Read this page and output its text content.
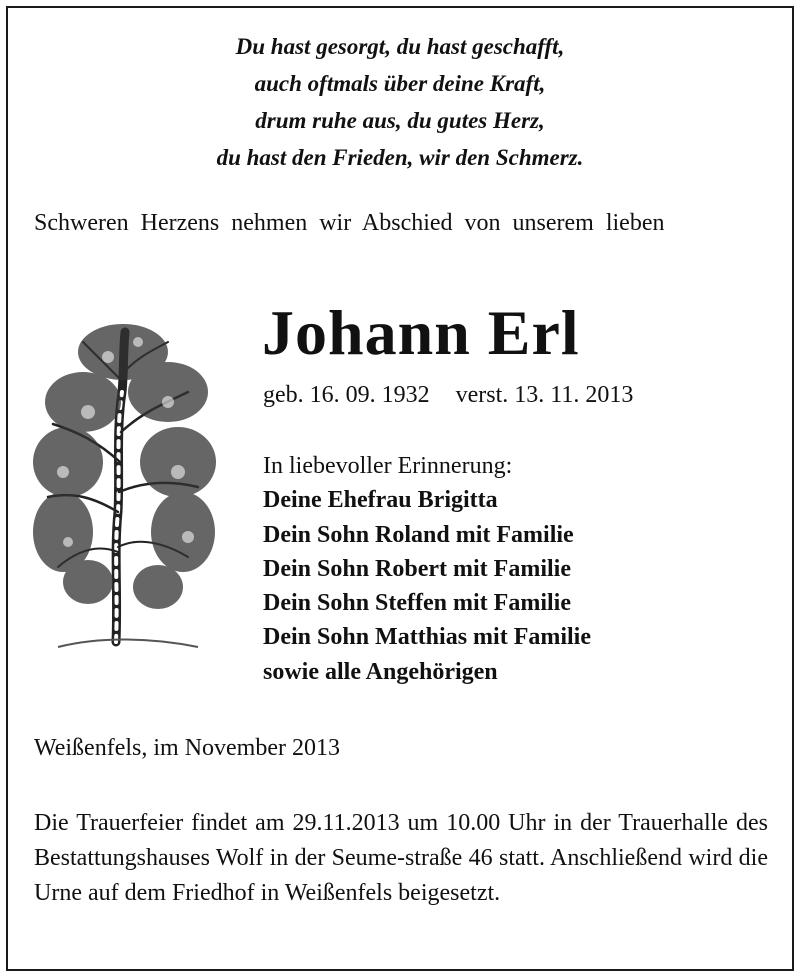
Du hast gesorgt, du hast geschafft,
auch oftmals über deine Kraft,
drum ruhe aus, du gutes Herz,
du hast den Frieden, wir den Schmerz.
Schweren Herzens nehmen wir Abschied von unserem lieben
Johann Erl
geb. 16. 09. 1932 verst. 13. 11. 2013
In liebevoller Erinnerung:
Deine Ehefrau Brigitta
Dein Sohn Roland mit Familie
Dein Sohn Robert mit Familie
Dein Sohn Steffen mit Familie
Dein Sohn Matthias mit Familie
sowie alle Angehörigen
Weißenfels, im November 2013
Die Trauerfeier findet am 29.11.2013 um 10.00 Uhr in der Trauerhalle des Bestattungshauses Wolf in der Seume-straße 46 statt. Anschließend wird die Urne auf dem Friedhof in Weißenfels beigesetzt.
